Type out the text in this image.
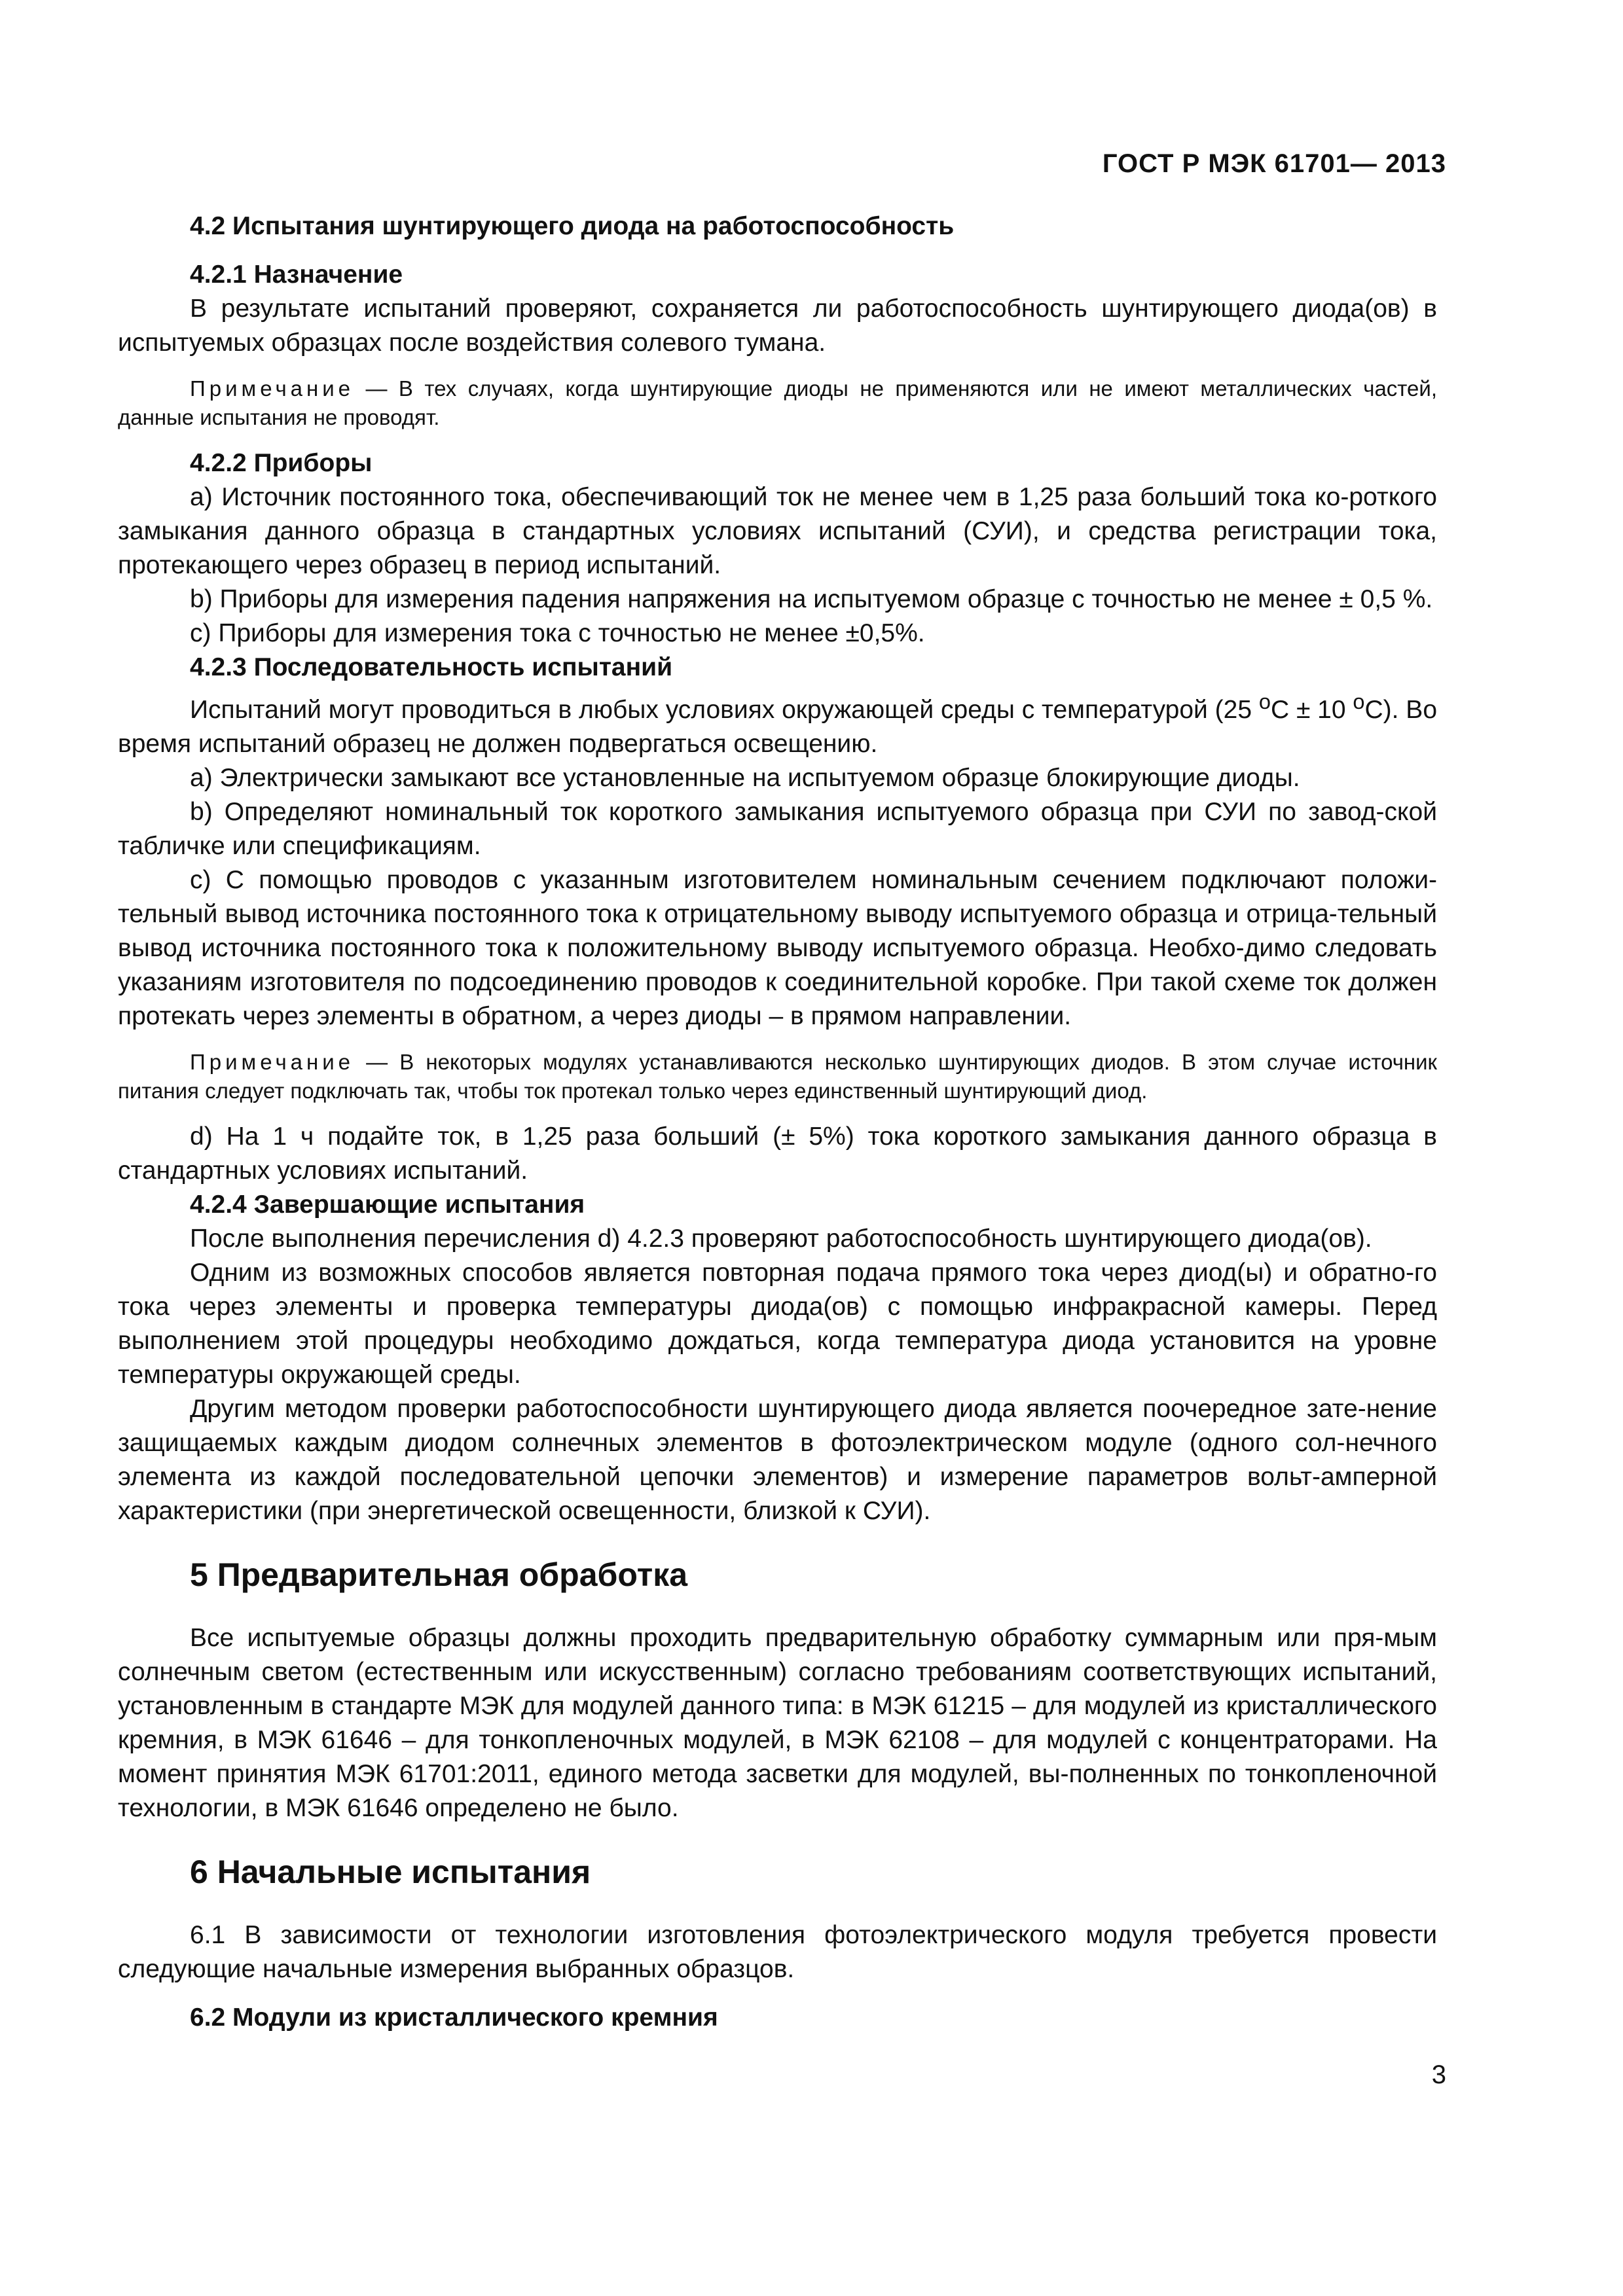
ГОСТ Р МЭК 61701— 2013
4.2 Испытания шунтирующего диода на работоспособность
4.2.1 Назначение

В результате испытаний проверяют, сохраняется ли работоспособность шунтирующего диода(ов) в испытуемых образцах после воздействия солевого тумана.

Примечание — В тех случаях, когда шунтирующие диоды не применяются или не имеют металлических частей, данные испытания не проводят.
4.2.2 Приборы

а) Источник постоянного тока, обеспечивающий ток не менее чем в 1,25 раза больший тока ко-роткого замыкания данного образца в стандартных условиях испытаний (СУИ), и средства регистрации тока, протекающего через образец в период испытаний.

b) Приборы для измерения падения напряжения на испытуемом образце с точностью не менее ± 0,5 %.

с) Приборы для измерения тока с точностью не менее ±0,5%.

4.2.3 Последовательность испытаний

Испытаний могут проводиться в любых условиях окружающей среды с температурой (25 $^о$С ± 10 $^о$С). Во время испытаний образец не должен подвергаться освещению.

а) Электрически замыкают все установленные на испытуемом образце блокирующие диоды.

b) Определяют номинальный ток короткого замыкания испытуемого образца при СУИ по завод-ской табличке или спецификациям.

с) С помощью проводов с указанным изготовителем номинальным сечением подключают положи-тельный вывод источника постоянного тока к отрицательному выводу испытуемого образца и отрица-тельный вывод источника постоянного тока к положительному выводу испытуемого образца. Необхо-димо следовать указаниям изготовителя по подсоединению проводов к соединительной коробке. При такой схеме ток должен протекать через элементы в обратном, а через диоды – в прямом направлении.

Примечание — В некоторых модулях устанавливаются несколько шунтирующих диодов. В этом случае источник питания следует подключать так, чтобы ток протекал только через единственный шунтирующий диод.

d) На 1 ч подайте ток, в 1,25 раза больший (± 5%) тока короткого замыкания данного образца в стандартных условиях испытаний.

4.2.4 Завершающие испытания

После выполнения перечисления d) 4.2.3 проверяют работоспособность шунтирующего диода(ов).

Одним из возможных способов является повторная подача прямого тока через диод(ы) и обратно-го тока через элементы и проверка температуры диода(ов) с помощью инфракрасной камеры. Перед выполнением этой процедуры необходимо дождаться, когда температура диода установится на уровне температуры окружающей среды.

Другим методом проверки работоспособности шунтирующего диода является поочередное зате-нение защищаемых каждым диодом солнечных элементов в фотоэлектрическом модуле (одного сол-нечного элемента из каждой последовательной цепочки элементов) и измерение параметров вольт-амперной характеристики (при энергетической освещенности, близкой к СУИ).

5 Предварительная обработка

Все испытуемые образцы должны проходить предварительную обработку суммарным или пря-мым солнечным светом (естественным или искусственным) согласно требованиям соответствующих испытаний, установленным в стандарте МЭК для модулей данного типа: в МЭК 61215 – для модулей из кристаллического кремния, в МЭК 61646 – для тонкопленочных модулей, в МЭК 62108 – для модулей с концентраторами. На момент принятия МЭК 61701:2011, единого метода засветки для модулей, вы-полненных по тонкопленочной технологии, в МЭК 61646 определено не было.

6 Начальные испытания

6.1 В зависимости от технологии изготовления фотоэлектрического модуля требуется провести следующие начальные измерения выбранных образцов.

6.2 Модули из кристаллического кремния
3
